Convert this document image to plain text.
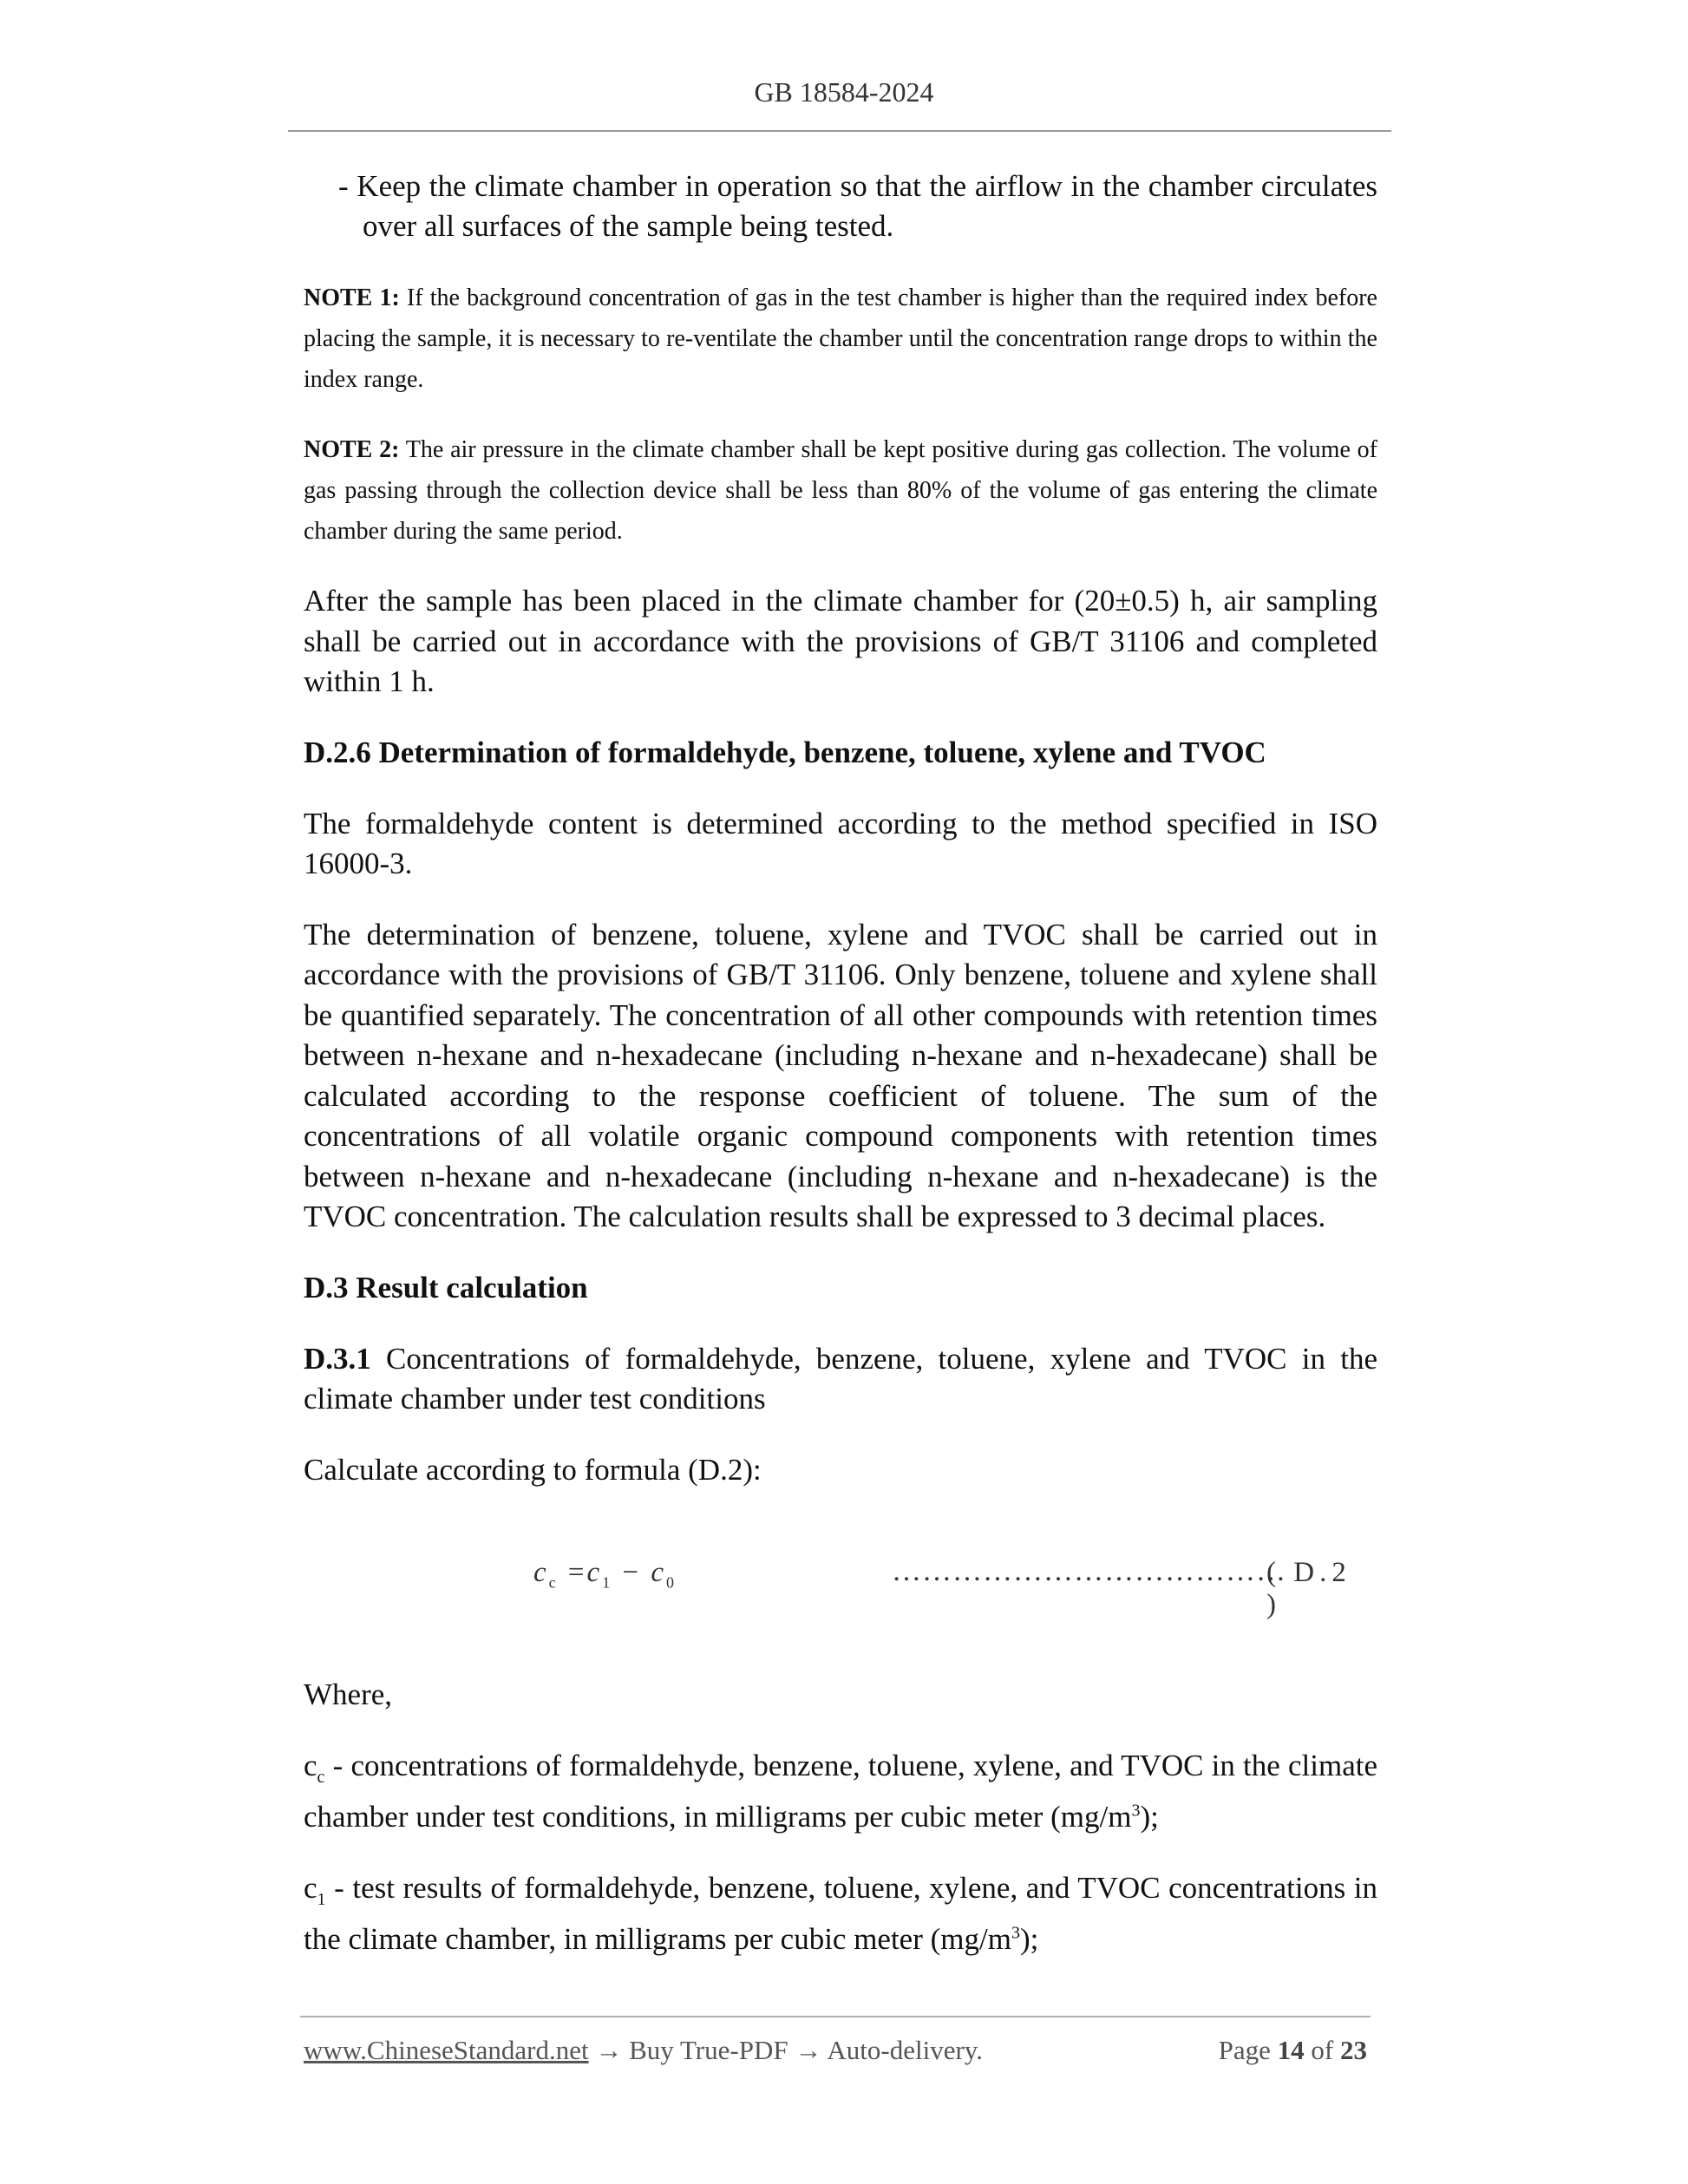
GB 18584-2024

- Keep the climate chamber in operation so that the airflow in the chamber circulates over all surfaces of the sample being tested.

NOTE 1: If the background concentration of gas in the test chamber is higher than the required index before placing the sample, it is necessary to re-ventilate the chamber until the concentration range drops to within the index range.

NOTE 2: The air pressure in the climate chamber shall be kept positive during gas collection. The volume of gas passing through the collection device shall be less than 80% of the volume of gas entering the climate chamber during the same period.

After the sample has been placed in the climate chamber for (20±0.5) h, air sampling shall be carried out in accordance with the provisions of GB/T 31106 and completed within 1 h.

D.2.6 Determination of formaldehyde, benzene, toluene, xylene and TVOC

The formaldehyde content is determined according to the method specified in ISO 16000-3.

The determination of benzene, toluene, xylene and TVOC shall be carried out in accordance with the provisions of GB/T 31106. Only benzene, toluene and xylene shall be quantified separately. The concentration of all other compounds with retention times between n-hexane and n-hexadecane (including n-hexane and n-hexadecane) shall be calculated according to the response coefficient of toluene. The sum of the concentrations of all volatile organic compound components with retention times between n-hexane and n-hexadecane (including n-hexane and n-hexadecane) is the TVOC concentration. The calculation results shall be expressed to 3 decimal places.

D.3 Result calculation

D.3.1 Concentrations of formaldehyde, benzene, toluene, xylene and TVOC in the climate chamber under test conditions

Calculate according to formula (D.2):

$c_c =c_1 - c_0$	…………………………………
( D.2 )

Where,

$c_c$ - concentrations of formaldehyde, benzene, toluene, xylene, and TVOC in the climate chamber under test conditions, in milligrams per cubic meter $(mg/m^3)$;

$c_1$ - test results of formaldehyde, benzene, toluene, xylene, and TVOC concentrations in the climate chamber, in milligrams per cubic meter $(mg/m^3)$;

www.ChineseStandard.net → Buy True-PDF → Auto-delivery.	Page 14 of 23
